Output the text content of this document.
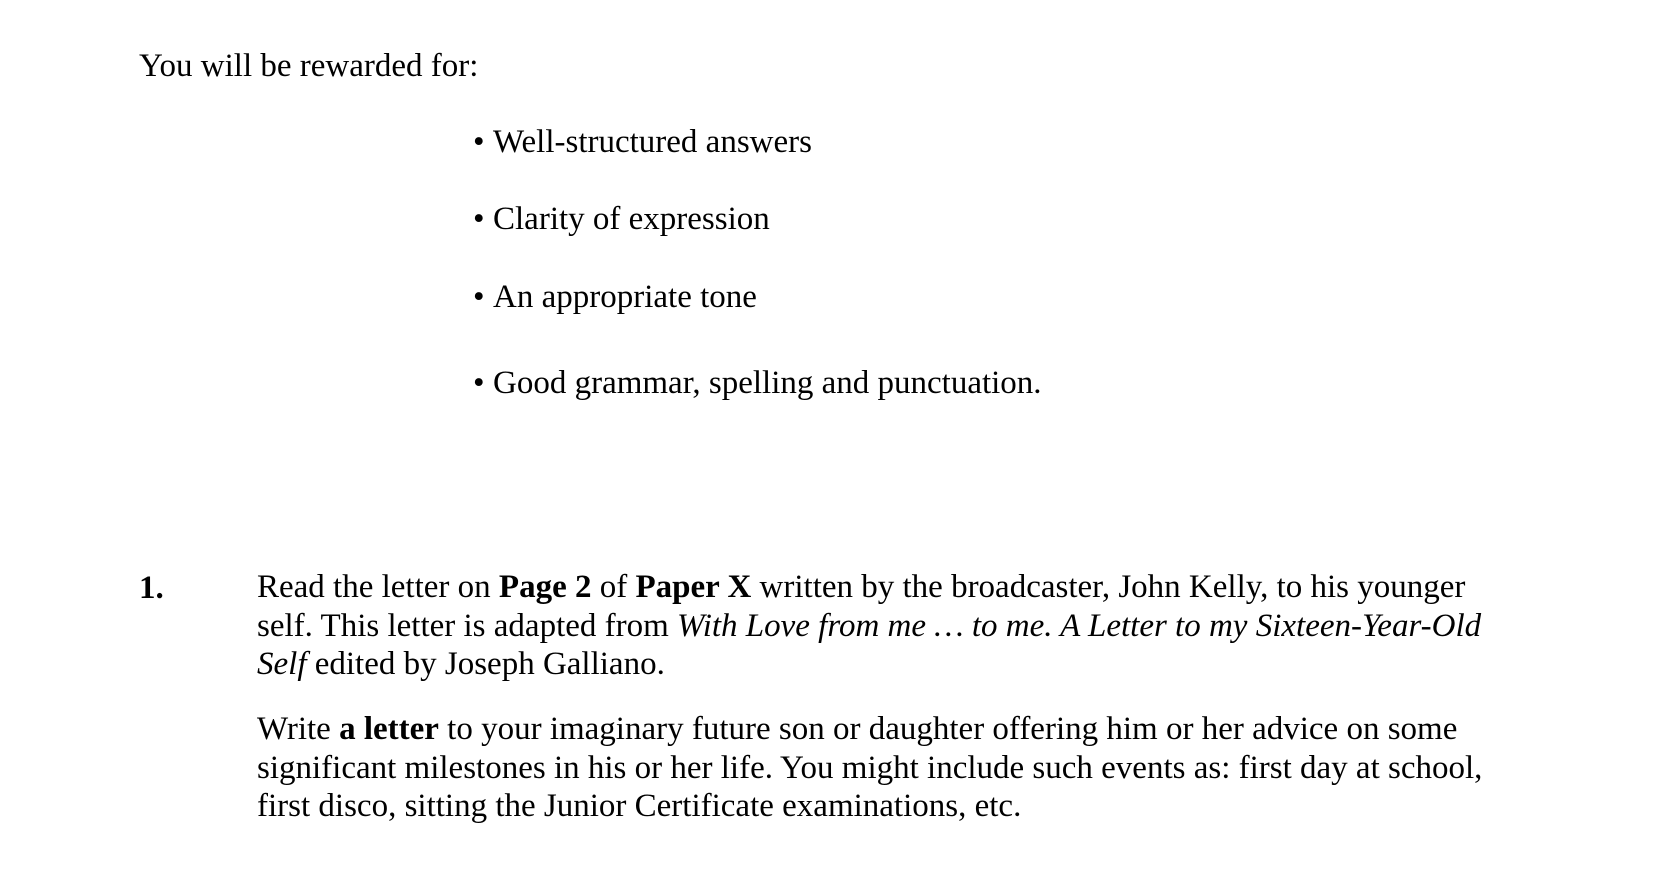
You will be rewarded for:
• Well-structured answers
• Clarity of expression
• An appropriate tone
• Good grammar, spelling and punctuation.
1.	Read the letter on Page 2 of Paper X written by the broadcaster, John Kelly, to his younger self. This letter is adapted from With Love from me … to me. A Letter to my Sixteen-Year-Old Self edited by Joseph Galliano.

Write a letter to your imaginary future son or daughter offering him or her advice on some significant milestones in his or her life. You might include such events as: first day at school, first disco, sitting the Junior Certificate examinations, etc.
